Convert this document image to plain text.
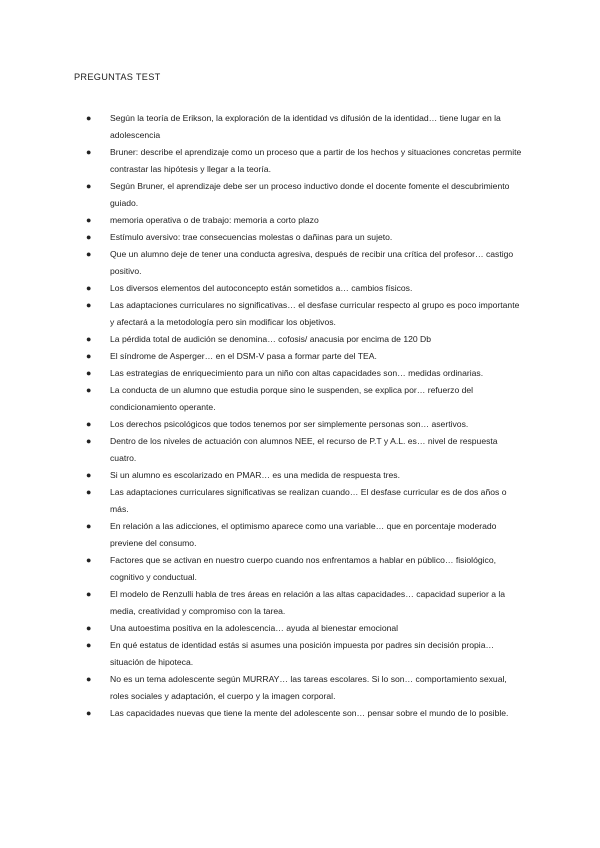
PREGUNTAS TEST
● Según la teoría de Erikson, la exploración de la identidad vs difusión de la identidad… tiene lugar en la adolescencia
● Bruner: describe el aprendizaje como un proceso que a partir de los hechos y situaciones concretas permite contrastar las hipótesis y llegar a la teoría.
● Según Bruner, el aprendizaje debe ser un proceso inductivo donde el docente fomente el descubrimiento guiado.
● memoria operativa o de trabajo: memoria a corto plazo
● Estímulo aversivo: trae consecuencias molestas o dañinas para un sujeto.
● Que un alumno deje de tener una conducta agresiva, después de recibir una crítica del profesor… castigo positivo.
● Los diversos elementos del autoconcepto están sometidos a… cambios físicos.
● Las adaptaciones curriculares no significativas… el desfase curricular respecto al grupo es poco importante y afectará a la metodología pero sin modificar los objetivos.
● La pérdida total de audición se denomina… cofosis/ anacusia por encima de 120 Db
● El síndrome de Asperger… en el DSM-V pasa a formar parte del TEA.
● Las estrategias de enriquecimiento para un niño con altas capacidades son… medidas ordinarias.
● La conducta de un alumno que estudia porque sino le suspenden, se explica por… refuerzo del condicionamiento operante.
● Los derechos psicológicos que todos tenemos por ser simplemente personas son… asertivos.
● Dentro de los niveles de actuación con alumnos NEE, el recurso de P.T y A.L. es… nivel de respuesta cuatro.
● Si un alumno es escolarizado en PMAR… es una medida de respuesta tres.
● Las adaptaciones curriculares significativas se realizan cuando… El desfase curricular es de dos años o más.
● En relación a las adicciones, el optimismo aparece como una variable… que en porcentaje moderado previene del consumo.
● Factores que se activan en nuestro cuerpo cuando nos enfrentamos a hablar en público… fisiológico, cognitivo y conductual.
● El modelo de Renzulli habla de tres áreas en relación a las altas capacidades… capacidad superior a la media, creatividad y compromiso con la tarea.
● Una autoestima positiva en la adolescencia… ayuda al bienestar emocional
● En qué estatus de identidad estás si asumes una posición impuesta por padres sin decisión propia… situación de hipoteca.
● No es un tema adolescente según MURRAY… las tareas escolares. Si lo son… comportamiento sexual, roles sociales y adaptación, el cuerpo y la imagen corporal.
● Las capacidades nuevas que tiene la mente del adolescente son… pensar sobre el mundo de lo posible.
